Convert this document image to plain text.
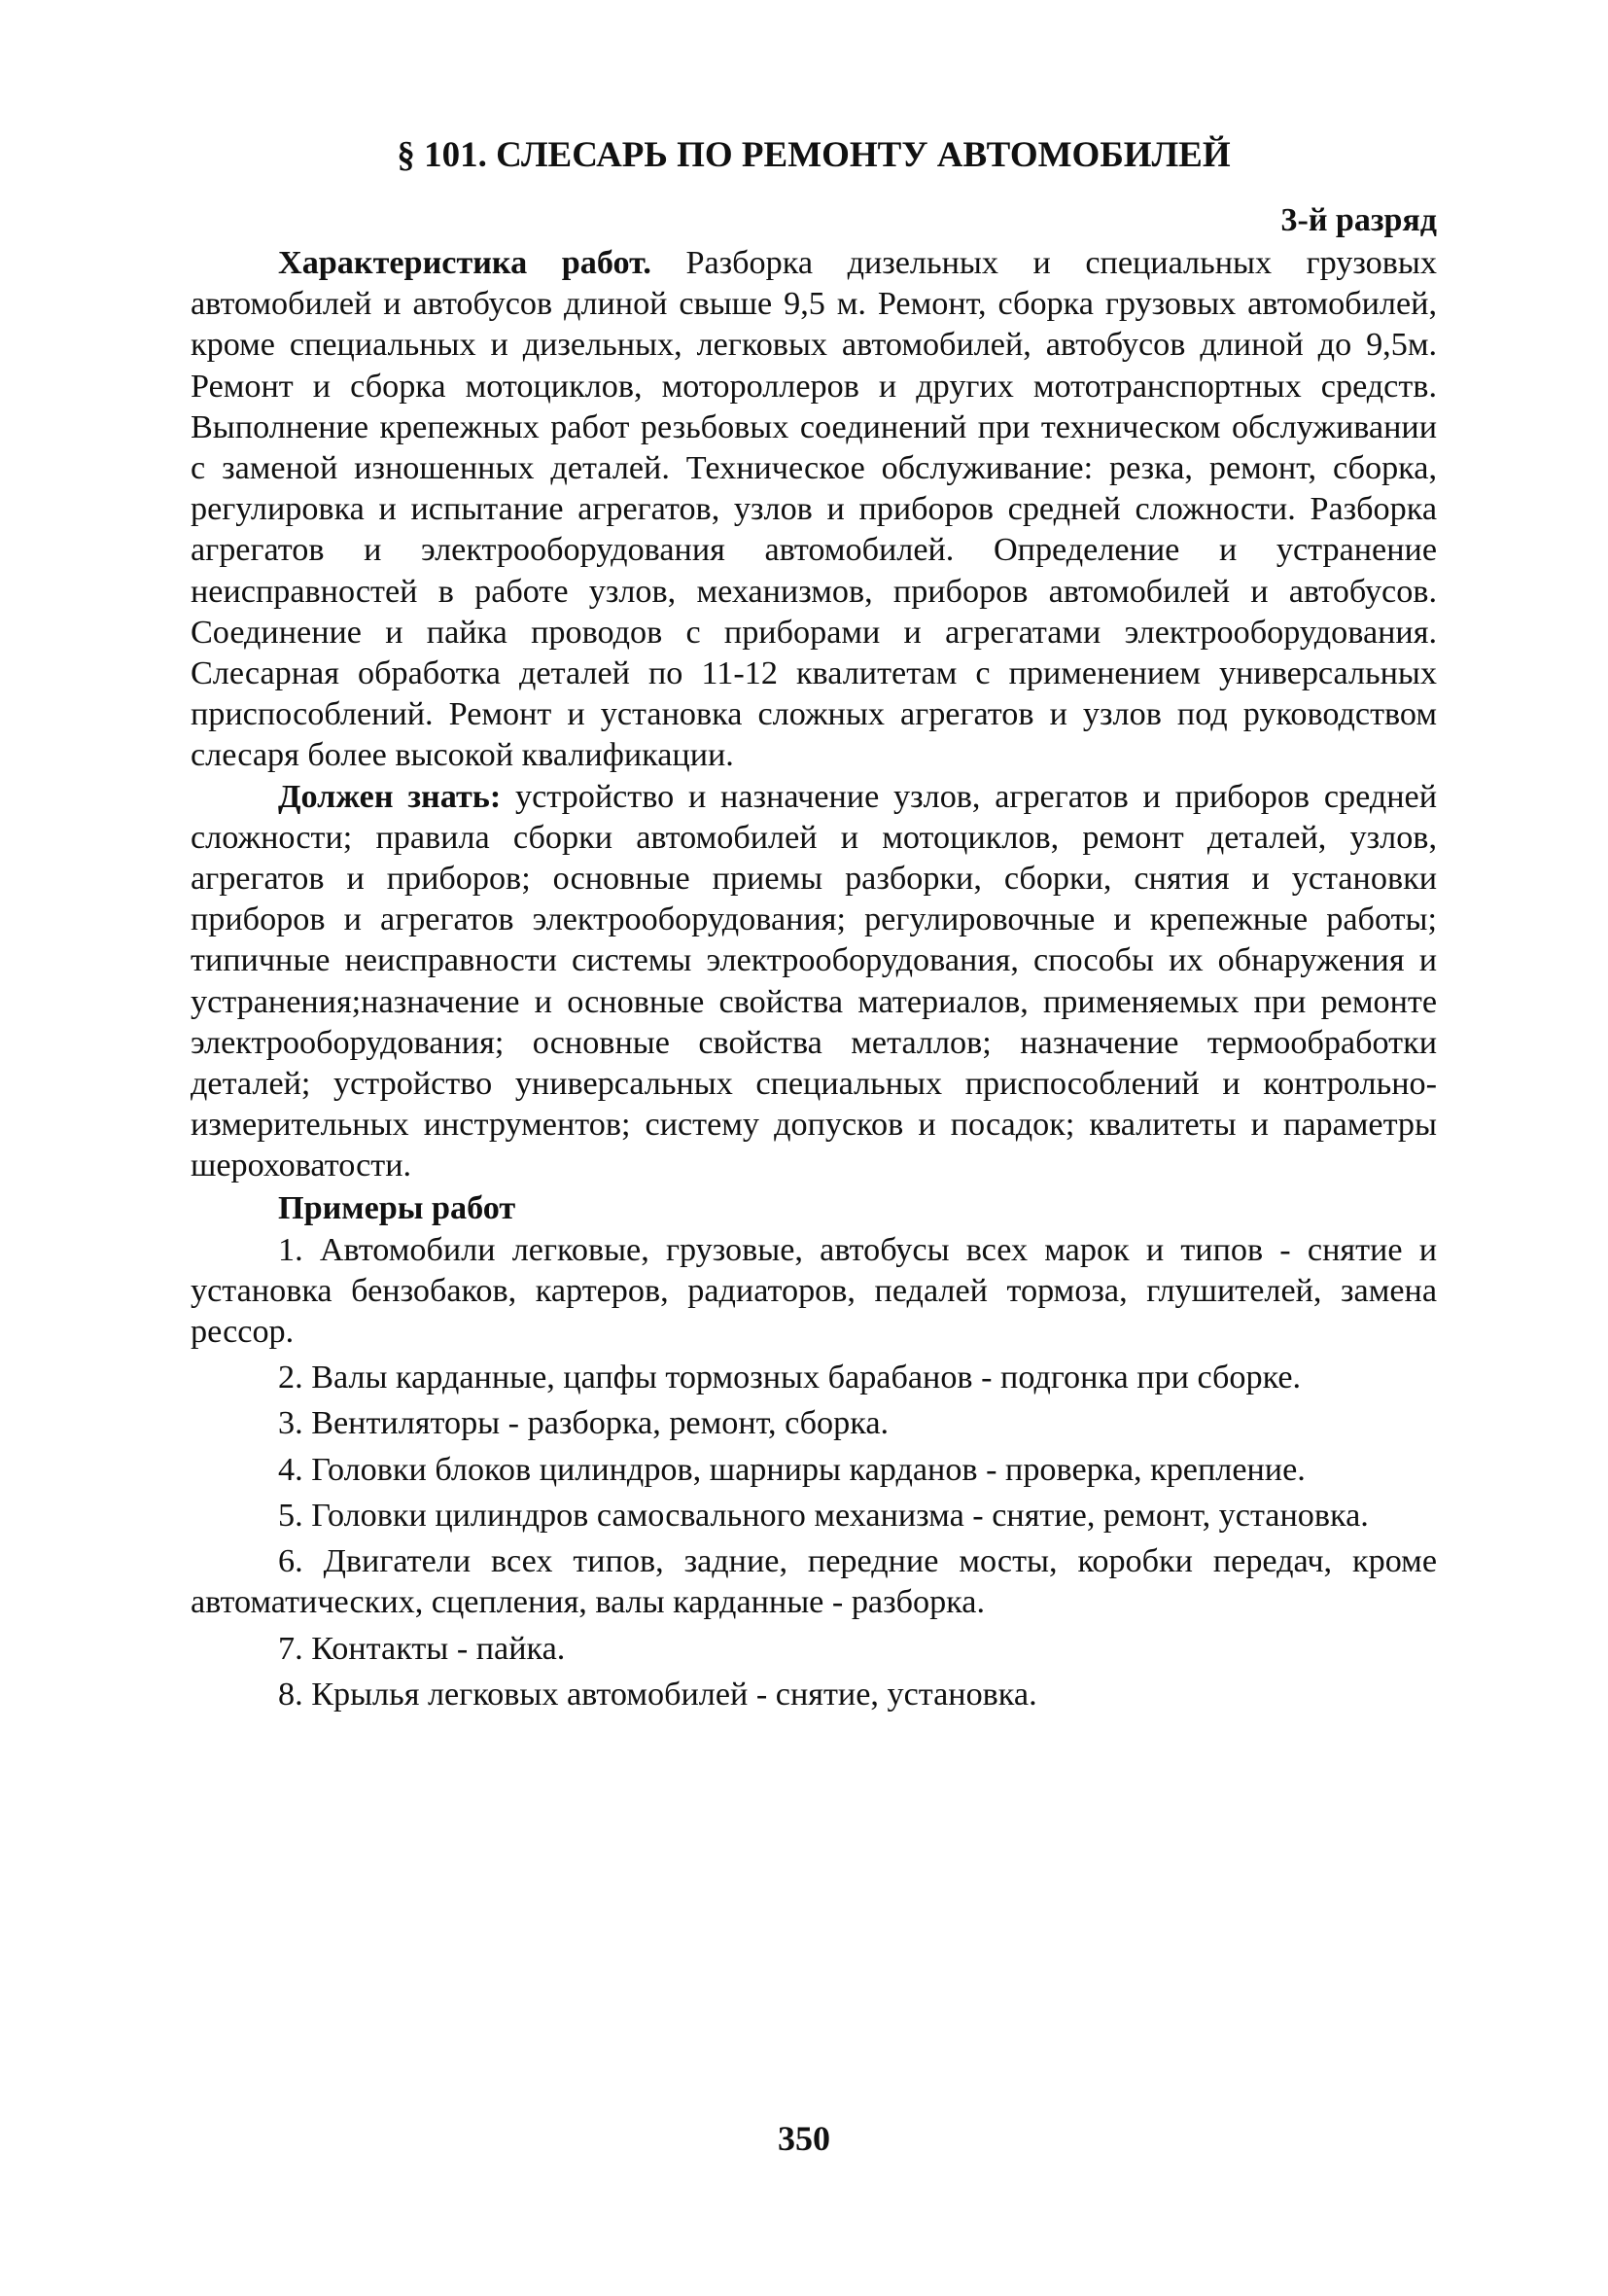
§ 101. СЛЕСАРЬ ПО РЕМОНТУ АВТОМОБИЛЕЙ
3-й разряд

Характеристика работ. Разборка дизельных и специальных грузовых автомобилей и автобусов длиной свыше 9,5 м. Ремонт, сборка грузовых автомобилей, кроме специальных и дизельных, легковых автомобилей, автобусов длиной до 9,5м. Ремонт и сборка мотоциклов, мотороллеров и других мототранспортных средств. Выполнение крепежных работ резьбовых соединений при техническом обслуживании с заменой изношенных деталей. Техническое обслуживание: резка, ремонт, сборка, регулировка и испытание агрегатов, узлов и приборов средней сложности. Разборка агрегатов и электрооборудования автомобилей. Определение и устранение неисправностей в работе узлов, механизмов, приборов автомобилей и автобусов. Соединение и пайка проводов с приборами и агрегатами электрооборудования. Слесарная обработка деталей по 11-12 квалитетам с применением универсальных приспособлений. Ремонт и установка сложных агрегатов и узлов под руководством слесаря более высокой квалификации.

Должен знать: устройство и назначение узлов, агрегатов и приборов средней сложности; правила сборки автомобилей и мотоциклов, ремонт деталей, узлов, агрегатов и приборов; основные приемы разборки, сборки, снятия и установки приборов и агрегатов электрооборудования; регулировочные и крепежные работы; типичные неисправности системы электрооборудования, способы их обнаружения и устранения;назначение и основные свойства материалов, применяемых при ремонте электрооборудования; основные свойства металлов; назначение термообработки деталей; устройство универсальных специальных приспособлений и контрольно-измерительных инструментов; систему допусков и посадок; квалитеты и параметры шероховатости.

Примеры работ

1. Автомобили легковые, грузовые, автобусы всех марок и типов - снятие и установка бензобаков, картеров, радиаторов, педалей тормоза, глушителей, замена рессор.

2. Валы карданные, цапфы тормозных барабанов - подгонка при сборке.

3. Вентиляторы - разборка, ремонт, сборка.

4. Головки блоков цилиндров, шарниры карданов - проверка, крепление.

5. Головки цилиндров самосвального механизма - снятие, ремонт, установка.

6. Двигатели всех типов, задние, передние мосты, коробки передач, кроме автоматических, сцепления, валы карданные - разборка.

7. Контакты - пайка.

8. Крылья легковых автомобилей - снятие, установка.

350
